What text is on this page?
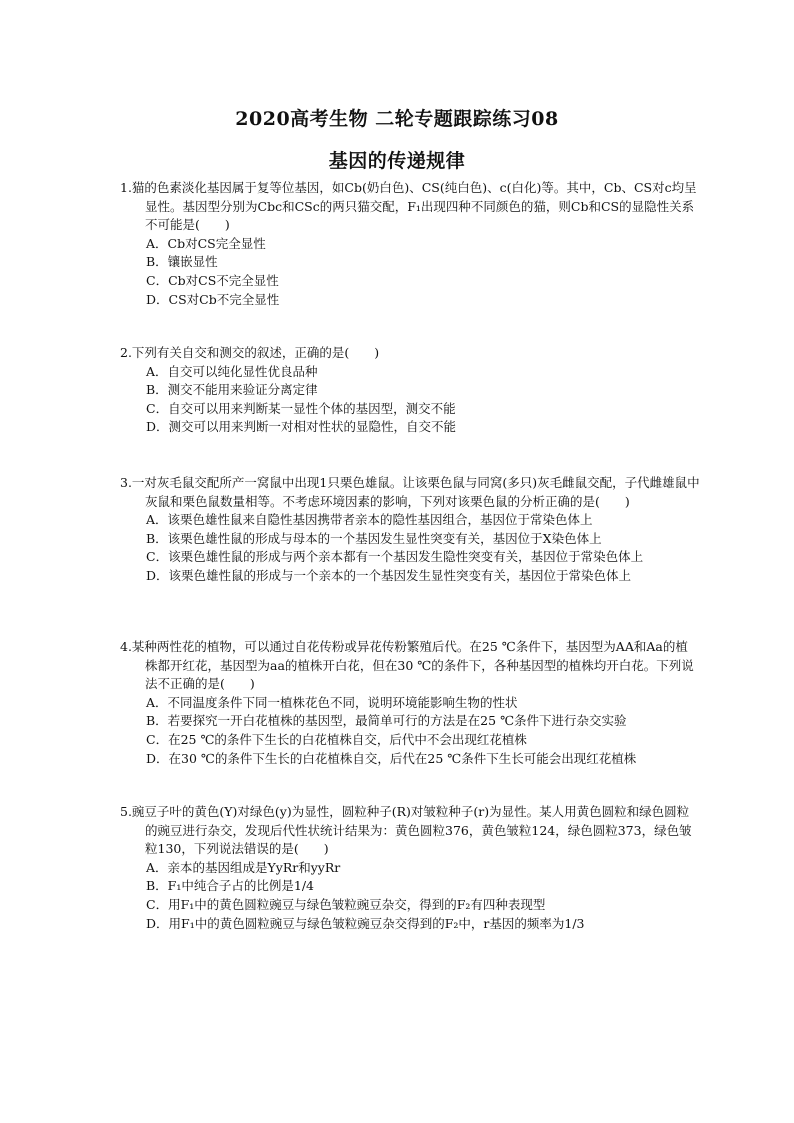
2020高考生物 二轮专题跟踪练习08
基因的传递规律

1.猫的色素淡化基因属于复等位基因，如Cb(奶白色)、CS(纯白色)、c(白化)等。其中，Cb、CS对c均呈显性。基因型分别为Cbc和CSc的两只猫交配，F₁出现四种不同颜色的猫，则Cb和CS的显隐性关系不可能是(　　)

A．Cb对CS完全显性

B．镶嵌显性

C．Cb对CS不完全显性

D．CS对Cb不完全显性

2.下列有关自交和测交的叙述，正确的是(　　)

A．自交可以纯化显性优良品种

B．测交不能用来验证分离定律

C．自交可以用来判断某一显性个体的基因型，测交不能

D．测交可以用来判断一对相对性状的显隐性，自交不能

3.一对灰毛鼠交配所产一窝鼠中出现1只栗色雄鼠。让该栗色鼠与同窝(多只)灰毛雌鼠交配，子代雌雄鼠中灰鼠和栗色鼠数量相等。不考虑环境因素的影响，下列对该栗色鼠的分析正确的是(　　)

A．该栗色雄性鼠来自隐性基因携带者亲本的隐性基因组合，基因位于常染色体上

B．该栗色雄性鼠的形成与母本的一个基因发生显性突变有关，基因位于X染色体上

C．该栗色雄性鼠的形成与两个亲本都有一个基因发生隐性突变有关，基因位于常染色体上

D．该栗色雄性鼠的形成与一个亲本的一个基因发生显性突变有关，基因位于常染色体上

4.某种两性花的植物，可以通过自花传粉或异花传粉繁殖后代。在25 ℃条件下，基因型为AA和Aa的植株都开红花，基因型为aa的植株开白花，但在30 ℃的条件下，各种基因型的植株均开白花。下列说法不正确的是(　　)

A．不同温度条件下同一植株花色不同，说明环境能影响生物的性状

B．若要探究一开白花植株的基因型，最简单可行的方法是在25 ℃条件下进行杂交实验

C．在25 ℃的条件下生长的白花植株自交，后代中不会出现红花植株

D．在30 ℃的条件下生长的白花植株自交，后代在25 ℃条件下生长可能会出现红花植株

5.豌豆子叶的黄色(Y)对绿色(y)为显性，圆粒种子(R)对皱粒种子(r)为显性。某人用黄色圆粒和绿色圆粒的豌豆进行杂交，发现后代性状统计结果为：黄色圆粒376，黄色皱粒124，绿色圆粒373，绿色皱粒130，下列说法错误的是(　　)

A．亲本的基因组成是YyRr和yyRr

B．F₁中纯合子占的比例是1/4

C．用F₁中的黄色圆粒豌豆与绿色皱粒豌豆杂交，得到的F₂有四种表现型

D．用F₁中的黄色圆粒豌豆与绿色皱粒豌豆杂交得到的F₂中，r基因的频率为1/3
